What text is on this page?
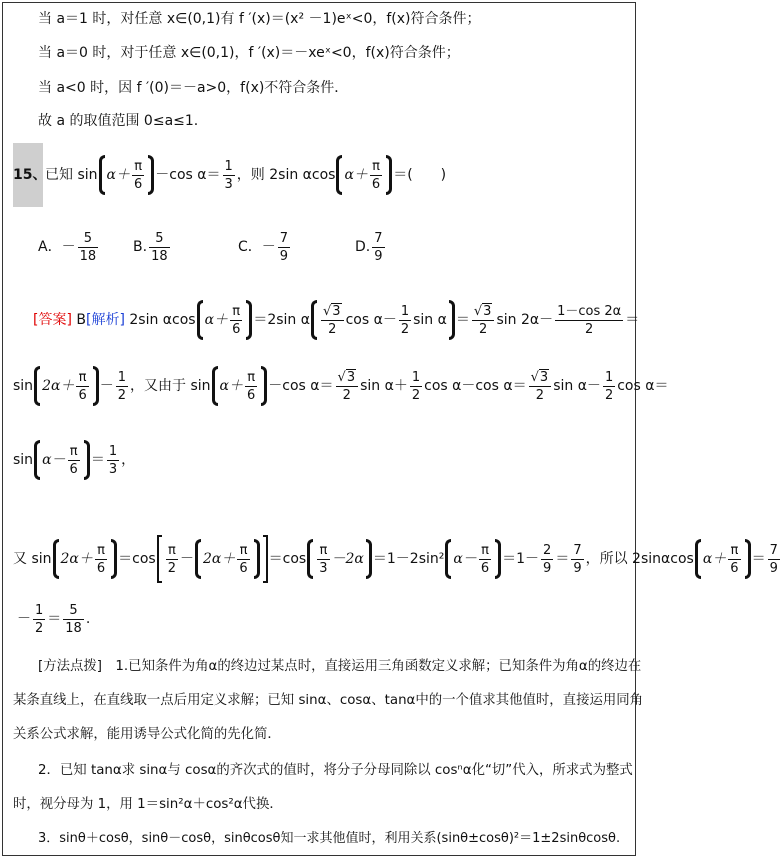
当 a＝1 时，对任意 x∈(0,1)有 f ′(x)＝(x² －1)eˣ<0，f(x)符合条件；
当 a＝0 时，对于任意 x∈(0,1)，f ′(x)＝－xeˣ<0，f(x)符合条件；
当 a<0 时，因 f ′(0)＝－a>0，f(x)不符合条件．
故 a 的取值范围 0≤a≤1.
15、
已知 $\sin \alpha+ \frac{\pi}{6} -\cos$ $\alpha= \frac{1}{3}$ ，则 2sin αcos $\alpha+ \frac{\pi}{6}$ ＝(　　)
A．－ $\frac{5}{18} B$. $\frac{5}{18}$	C．－ $\frac{7}{9}$	D. $\frac{7}{9}$
[答案] B[解析] 2sin αcos $\alpha+ \frac{\pi}{6} =2\sin$ α $\frac{√3}{2}$ $\cos \alpha- \frac{1}{2}$ $\sin \alpha = \frac{√3}{2}$ $\sin 2\alpha- \frac{1-\cos 2\alpha}{2}$ ＝
$\sin 2\alpha+ \frac{\pi}{6} - \frac{1}{2}$ ，又由于 $\sin \alpha+ \frac{\pi}{6} -\cos$ $\alpha= \frac{√3}{2}$ $\sin \alpha+ \frac{1}{2}$ cos α－cos $\alpha= \frac{√3}{2}$ $\sin \alpha- \frac{1}{2}$ cos α＝
$\sin \alpha- \frac{\pi}{6} = \frac{1}{3}$ ，
又 $\sin 2\alpha+ \frac{\pi}{6} =\cos \frac{\pi}{2} - 2\alpha+ \frac{\pi}{6} =\cos \frac{\pi}{3} -2\alpha =1-2\sin^2$ $\alpha- \frac{\pi}{6} =1- \frac{2}{9} = \frac{7}{9}$ ，所以 2sinαcos $\alpha+ \frac{\pi}{6} = \frac{7}{9}$
－ $\frac{1}{2} = \frac{5}{18}$ .
[方法点拨]　1.已知条件为角α的终边过某点时，直接运用三角函数定义求解；已知条件为角α的终边在
某条直线上，在直线取一点后用定义求解；已知 sinα、cosα、tanα中的一个值求其他值时，直接运用同角
关系公式求解，能用诱导公式化简的先化简．
2．已知 tanα求 sinα与 cosα的齐次式的值时，将分子分母同除以 cosⁿα化“切”代入，所求式为整式
时，视分母为 1，用 1＝sin²α＋cos²α代换．
3．sinθ＋cosθ，sinθ－cosθ，sinθcosθ知一求其他值时，利用关系(sinθ±cosθ)²＝1±2sinθcosθ.
